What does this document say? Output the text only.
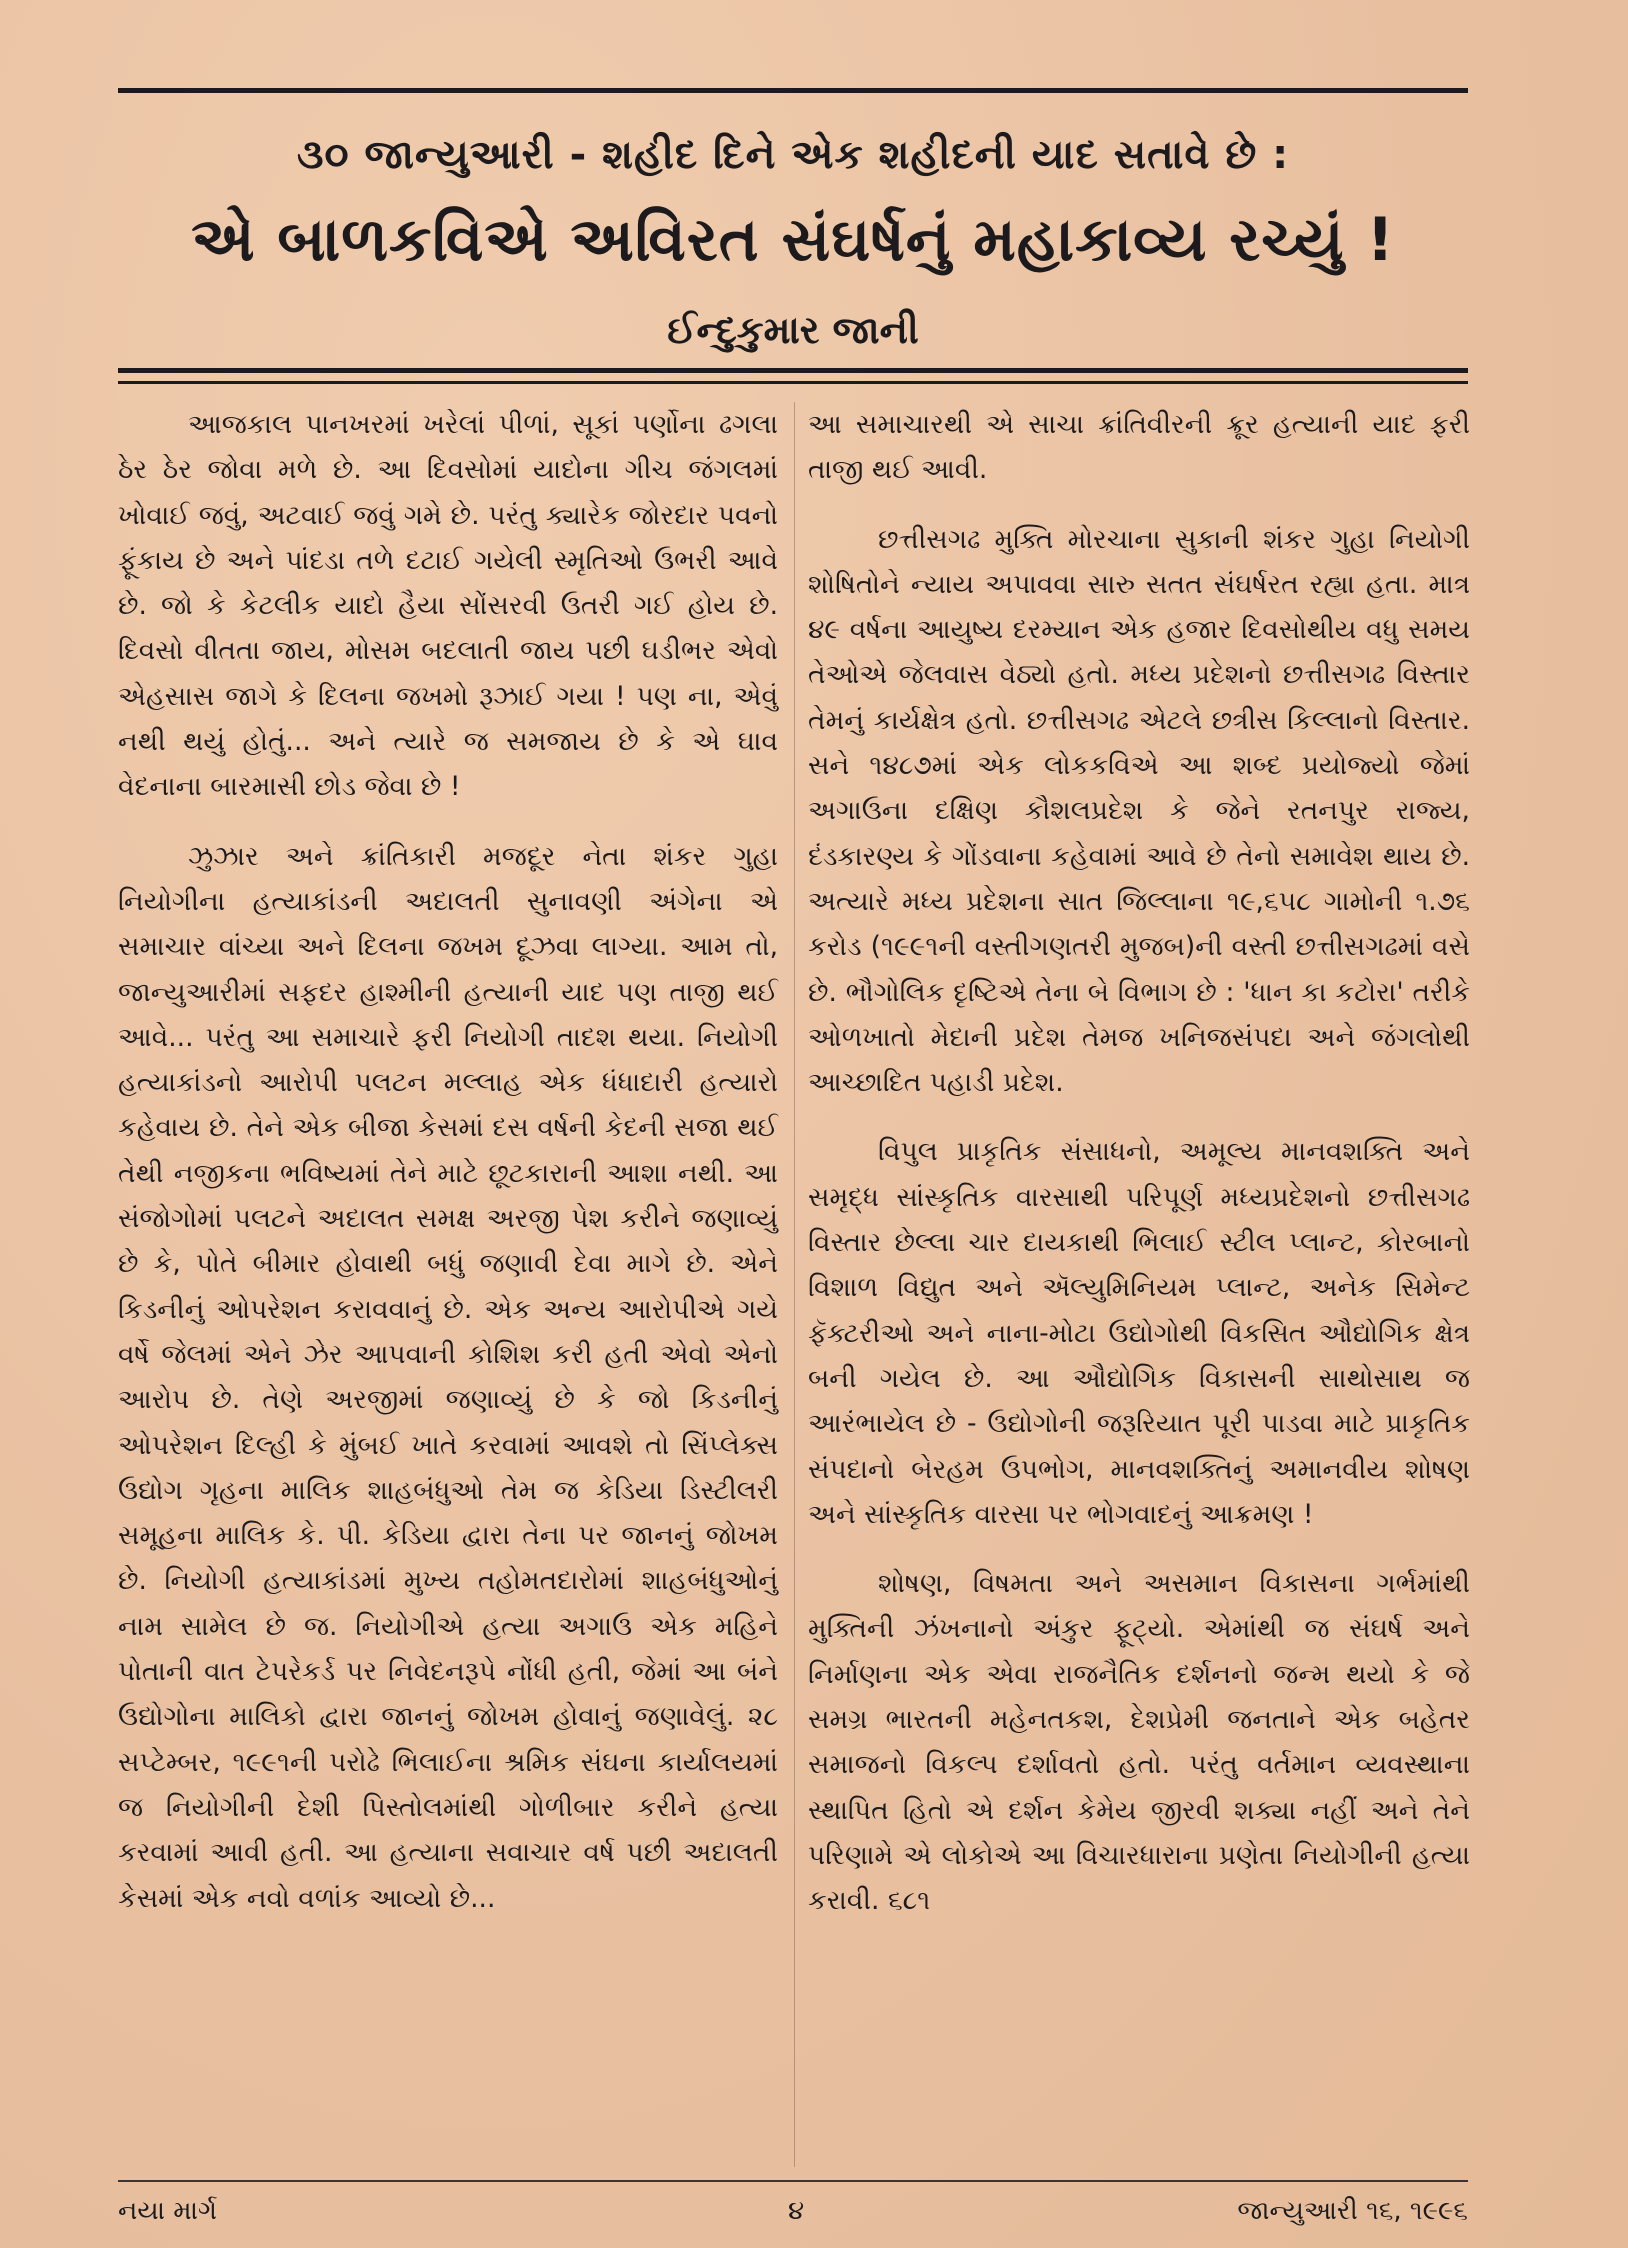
૩૦ જાન્યુઆરી - શહીદ દિને એક શહીદની યાદ સતાવે છે :
એ બાળકવિએ અવિરત સંઘર્ષનું મહાકાવ્ય રચ્યું !
ઈન્દુકુમાર જાની

આજકાલ પાનખરમાં ખરેલાં પીળાં, સૂકાં પર્ણોના ઢગલા ઠેર ઠેર જોવા મળે છે. આ દિવસોમાં યાદોના ગીચ જંગલમાં ખોવાઈ જવું, અટવાઈ જવું ગમે છે. પરંતુ ક્યારેક જોરદાર પવનો ફૂંકાય છે અને પાંદડા તળે દટાઈ ગયેલી સ્મૃતિઓ ઉભરી આવે છે. જો કે કેટલીક યાદો હૈયા સોંસરવી ઉતરી ગઈ હોય છે. દિવસો વીતતા જાય, મોસમ બદલાતી જાય પછી ઘડીભર એવો એહસાસ જાગે કે દિલના જખમો રૂઝાઈ ગયા ! પણ ના, એવું નથી થયું હોતું... અને ત્યારે જ સમજાય છે કે એ ઘાવ વેદનાના બારમાસી છોડ જેવા છે !

ઝુઝાર અને ક્રાંતિકારી મજદૂર નેતા શંકર ગુહા નિયોગીના હત્યાકાંડની અદાલતી સુનાવણી અંગેના એ સમાચાર વાંચ્યા અને દિલના જખમ દૂઝવા લાગ્યા. આમ તો, જાન્યુઆરીમાં સફદર હાશ્મીની હત્યાની યાદ પણ તાજી થઈ આવે... પરંતુ આ સમાચારે ફરી નિયોગી તાદશ થયા. નિયોગી હત્યાકાંડનો આરોપી પલટન મલ્લાહ એક ધંધાદારી હત્યારો કહેવાય છે. તેને એક બીજા કેસમાં દસ વર્ષની કેદની સજા થઈ તેથી નજીકના ભવિષ્યમાં તેને માટે છૂટકારાની આશા નથી. આ સંજોગોમાં પલટને અદાલત સમક્ષ અરજી પેશ કરીને જણાવ્યું છે કે, પોતે બીમાર હોવાથી બધું જણાવી દેવા માગે છે. એને કિડનીનું ઓપરેશન કરાવવાનું છે. એક અન્ય આરોપીએ ગયે વર્ષે જેલમાં એને ઝેર આપવાની કોશિશ કરી હતી એવો એનો આરોપ છે. તેણે અરજીમાં જણાવ્યું છે કે જો કિડનીનું ઓપરેશન દિલ્હી કે મુંબઈ ખાતે કરવામાં આવશે તો સિંપ્લેક્સ ઉદ્યોગ ગૃહના માલિક શાહબંધુઓ તેમ જ કેડિયા ડિસ્ટીલરી સમૂહના માલિક કે. પી. કેડિયા દ્વારા તેના પર જાનનું જોખમ છે. નિયોગી હત્યાકાંડમાં મુખ્ય તહોમતદારોમાં શાહબંધુઓનું નામ સામેલ છે જ. નિયોગીએ હત્યા અગાઉ એક મહિને પોતાની વાત ટેપરેકર્ડ પર નિવેદનરૂપે નોંધી હતી, જેમાં આ બંને ઉદ્યોગોના માલિકો દ્વારા જાનનું જોખમ હોવાનું જણાવેલું. ૨૮ સપ્ટેમ્બર, ૧૯૯૧ની પરોઢે ભિલાઈના શ્રમિક સંઘના કાર્યાલયમાં જ નિયોગીની દેશી પિસ્તોલમાંથી ગોળીબાર કરીને હત્યા કરવામાં આવી હતી. આ હત્યાના સવાચાર વર્ષ પછી અદાલતી કેસમાં એક નવો વળાંક આવ્યો છે...

આ સમાચારથી એ સાચા ક્રાંતિવીરની ક્રૂર હત્યાની યાદ ફરી તાજી થઈ આવી.

છત્તીસગઢ મુક્તિ મોરચાના સુકાની શંકર ગુહા નિયોગી શોષિતોને ન્યાય અપાવવા સારુ સતત સંઘર્ષરત રહ્યા હતા. માત્ર ૪૯ વર્ષના આયુષ્ય દરમ્યાન એક હજાર દિવસોથીય વધુ સમય તેઓએ જેલવાસ વેઠ્યો હતો. મધ્ય પ્રદેશનો છત્તીસગઢ વિસ્તાર તેમનું કાર્યક્ષેત્ર હતો. છત્તીસગઢ એટલે છત્રીસ કિલ્લાનો વિસ્તાર. સને ૧૪૮૭માં એક લોકકવિએ આ શબ્દ પ્રયોજ્યો જેમાં અગાઉના દક્ષિણ કૌશલપ્રદેશ કે જેને રતનપુર રાજ્ય, દંડકારણ્ય કે ગોંડવાના કહેવામાં આવે છે તેનો સમાવેશ થાય છે. અત્યારે મધ્ય પ્રદેશના સાત જિલ્લાના ૧૯,૬૫૮ ગામોની ૧.૭૬ કરોડ (૧૯૯૧ની વસ્તીગણતરી મુજબ)ની વસ્તી છત્તીસગઢમાં વસે છે. ભૌગોલિક દૃષ્ટિએ તેના બે વિભાગ છે : 'ધાન કા કટોરા' તરીકે ઓળખાતો મેદાની પ્રદેશ તેમજ ખનિજસંપદા અને જંગલોથી આચ્છાદિત પહાડી પ્રદેશ.

વિપુલ પ્રાકૃતિક સંસાધનો, અમૂલ્ય માનવશક્તિ અને સમૃદ્ધ સાંસ્કૃતિક વારસાથી પરિપૂર્ણ મધ્યપ્રદેશનો છત્તીસગઢ વિસ્તાર છેલ્લા ચાર દાયકાથી ભિલાઈ સ્ટીલ પ્લાન્ટ, કોરબાનો વિશાળ વિદ્યુત અને ઍલ્યુમિનિયમ પ્લાન્ટ, અનેક સિમેન્ટ ફૅક્ટરીઓ અને નાના-મોટા ઉદ્યોગોથી વિકસિત ઔદ્યોગિક ક્ષેત્ર બની ગયેલ છે. આ ઔદ્યોગિક વિકાસની સાથોસાથ જ આરંભાયેલ છે - ઉદ્યોગોની જરૂરિયાત પૂરી પાડવા માટે પ્રાકૃતિક સંપદાનો બેરહમ ઉપભોગ, માનવશક્તિનું અમાનવીય શોષણ અને સાંસ્કૃતિક વારસા પર ભોગવાદનું આક્રમણ !

શોષણ, વિષમતા અને અસમાન વિકાસના ગર્ભમાંથી મુક્તિની ઝંખનાનો અંકુર ફૂટ્યો. એમાંથી જ સંઘર્ષ અને નિર્માણના એક એવા રાજનૈતિક દર્શનનો જન્મ થયો કે જે સમગ્ર ભારતની મહેનતકશ, દેશપ્રેમી જનતાને એક બહેતર સમાજનો વિકલ્પ દર્શાવતો હતો. પરંતુ વર્તમાન વ્યવસ્થાના સ્થાપિત હિતો એ દર્શન કેમેય જીરવી શક્યા નહીં અને તેને પરિણામે એ લોકોએ આ વિચારધારાના પ્રણેતા નિયોગીની હત્યા કરાવી. ૬૮૧

નયા માર્ગ	૪	જાન્યુઆરી ૧૬, ૧૯૯૬
